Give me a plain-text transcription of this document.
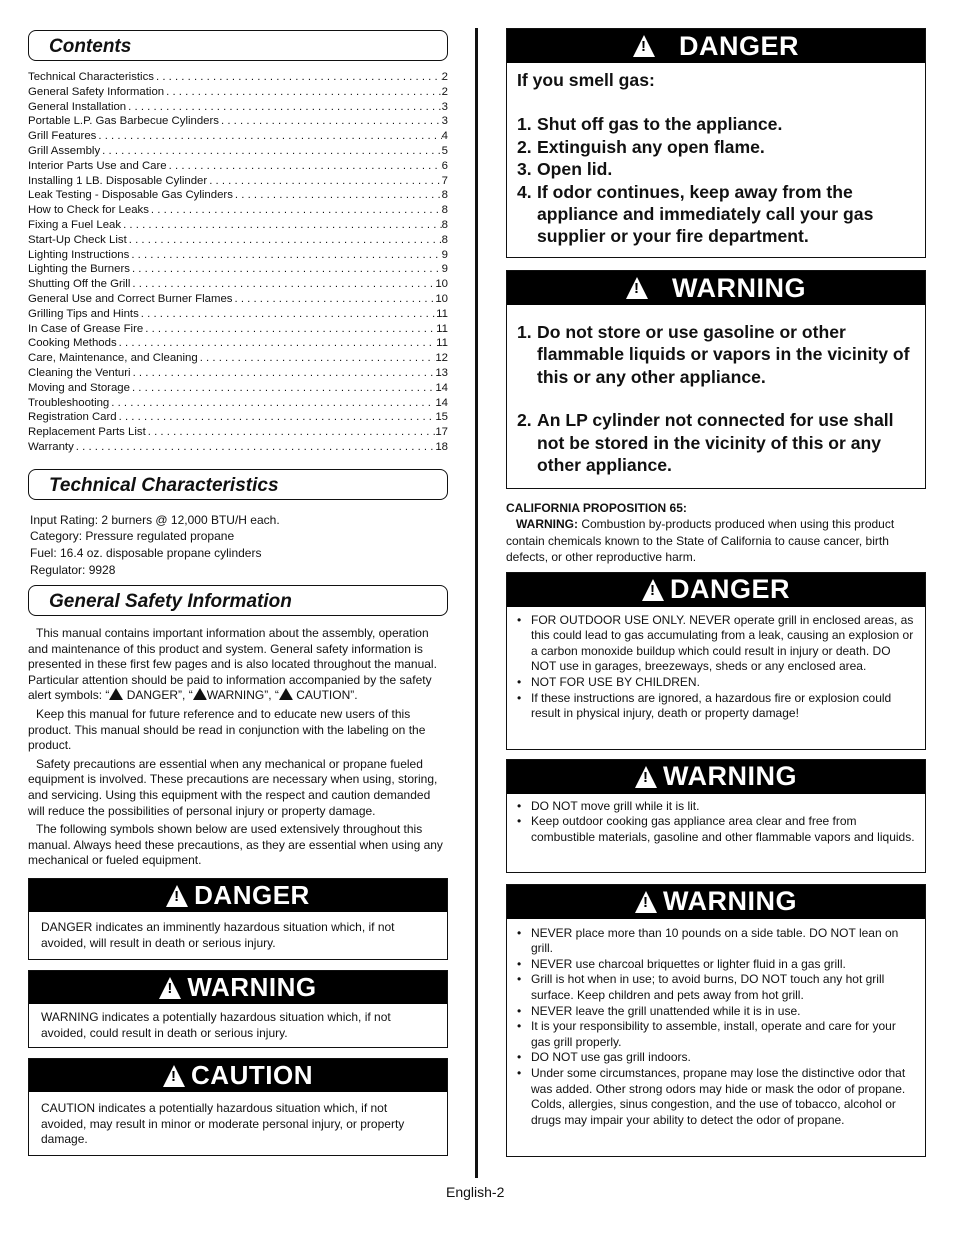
Contents
Technical Characteristics . . .	2
General Safety Information . . .	2
General Installation . . .	3
Portable L.P. Gas Barbecue Cylinders . . .	3
Grill Features . . .	4
Grill Assembly . . .	5
Interior Parts Use and Care . . .	6
Installing 1 LB. Disposable Cylinder . . .	7
Leak Testing - Disposable Gas Cylinders . . .	8
How to Check for Leaks . . .	8
Fixing a Fuel Leak . . .	8
Start-Up Check List . . .	8
Lighting Instructions . . .	9
Lighting the Burners . . .	9
Shutting Off the Grill . . .	10
General Use and Correct Burner Flames . . .	10
Grilling Tips and Hints . . .	11
In Case of Grease Fire . . .	11
Cooking Methods . . .	11
Care, Maintenance, and Cleaning . . .	12
Cleaning the Venturi . . .	13
Moving and Storage . . .	14
Troubleshooting . . .	14
Registration Card . . .	15
Replacement Parts List . . .	17
Warranty . . .	18
Technical Characteristics
Input Rating: 2 burners @ 12,000 BTU/H each.
Category: Pressure regulated propane
Fuel: 16.4 oz. disposable propane cylinders
Regulator: 9928
General Safety Information

This manual contains important information about the assembly, operation and maintenance of this product and system. General safety information is presented in these first few pages and is also located throughout the manual. Particular attention should be paid to information accompanied by the safety alert symbols: “! DANGER”, “ ! WARNING”, “! CAUTION”.

Keep this manual for future reference and to educate new users of this product. This manual should be read in conjunction with the labeling on the product.

Safety precautions are essential when any mechanical or propane fueled equipment is involved. These precautions are necessary when using, storing, and servicing. Using this equipment with the respect and caution demanded will reduce the possibilities of personal injury or property damage.

The following symbols shown below are used extensively throughout this manual. Always heed these precautions, as they are essential when using any mechanical or fueled equipment.

!
DANGER
DANGER indicates an imminently hazardous situation which, if not avoided, will result in death or serious injury.
!
WARNING
WARNING indicates a potentially hazardous situation which, if not avoided, could result in death or serious injury.
!
CAUTION
CAUTION indicates a potentially hazardous situation which, if not avoided, may result in minor or moderate personal injury, or property damage.
!
DANGER
If you smell gas:
1. Shut off gas to the appliance.
2. Extinguish any open flame.
3. Open lid.
4. If odor continues, keep away from the appliance and immediately call your gas supplier or your fire department.
!
WARNING
1. Do not store or use gasoline or other flammable liquids or vapors in the vicinity of this or any other appliance.
2. An LP cylinder not connected for use shall not be stored in the vicinity of this or any other appliance.
CALIFORNIA PROPOSITION 65:
WARNING: Combustion by-products produced when using this product contain chemicals known to the State of California to cause cancer, birth defects, or other reproductive harm.
!
DANGER
• FOR OUTDOOR USE ONLY. NEVER operate grill in enclosed areas, as this could lead to gas accumulating from a leak, causing an explosion or a carbon monoxide buildup which could result in injury or death. DO NOT use in garages, breezeways, sheds or any enclosed area.
• NOT FOR USE BY CHILDREN.
• If these instructions are ignored, a hazardous fire or explosion could result in physical injury, death or property damage!
!
WARNING
• DO NOT move grill while it is lit.
• Keep outdoor cooking gas appliance area clear and free from combustible materials, gasoline and other flammable vapors and liquids.
!
WARNING
• NEVER place more than 10 pounds on a side table. DO NOT lean on grill.
• NEVER use charcoal briquettes or lighter fluid in a gas grill.
• Grill is hot when in use; to avoid burns, DO NOT touch any hot grill surface. Keep children and pets away from hot grill.
• NEVER leave the grill unattended while it is in use.
• It is your responsibility to assemble, install, operate and care for your gas grill properly.
• DO NOT use gas grill indoors.
• Under some circumstances, propane may lose the distinctive odor that was added. Other strong odors may hide or mask the odor of propane. Colds, allergies, sinus congestion, and the use of tobacco, alcohol or drugs may impair your ability to detect the odor of propane.
English-2
